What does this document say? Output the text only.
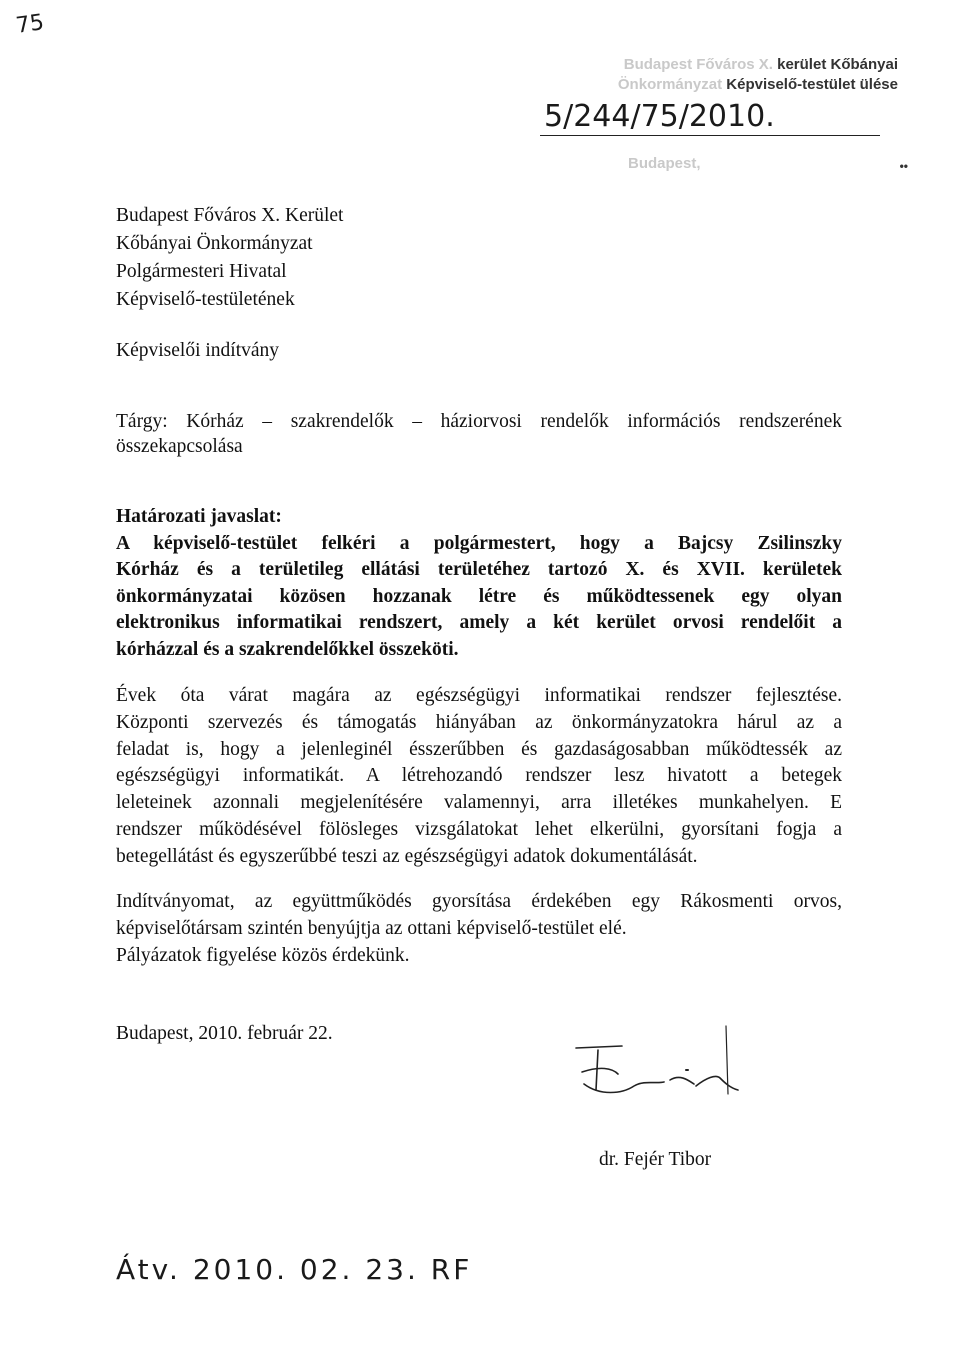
75
Budapest Főváros X. kerület Kőbányai
Önkormányzat Képviselő-testület ülése
5/244/75/2010.
Budapest,	••
Budapest Főváros X. Kerület
Kőbányai Önkormányzat
Polgármesteri Hivatal
Képviselő-testületének
Képviselői indítvány
Tárgy: Kórház – szakrendelők – háziorvosi rendelők információs rendszerének
összekapcsolása
Határozati javaslat:
A képviselő-testület felkéri a polgármestert, hogy a Bajcsy Zsilinszky
Kórház és a területileg ellátási területéhez tartozó X. és XVII. kerületek
önkormányzatai közösen hozzanak létre és működtessenek egy olyan
elektronikus informatikai rendszert, amely a két kerület orvosi rendelőit a
kórházzal és a szakrendelőkkel összeköti.
Évek óta várat magára az egészségügyi informatikai rendszer fejlesztése.
Központi szervezés és támogatás hiányában az önkormányzatokra hárul az a
feladat is, hogy a jelenleginél ésszerűbben és gazdaságosabban működtessék az
egészségügyi informatikát. A létrehozandó rendszer lesz hivatott a betegek
leleteinek azonnali megjelenítésére valamennyi, arra illetékes munkahelyen. E
rendszer működésével fölösleges vizsgálatokat lehet elkerülni, gyorsítani fogja a
betegellátást és egyszerűbbé teszi az egészségügyi adatok dokumentálását.
Indítványomat, az együttműködés gyorsítása érdekében egy Rákosmenti orvos,
képviselőtársam szintén benyújtja az ottani képviselő-testület elé.
Pályázatok figyelése közös érdekünk.
Budapest, 2010. február 22.
dr. Fejér Tibor
Átv. 2010. 02. 23. RF
